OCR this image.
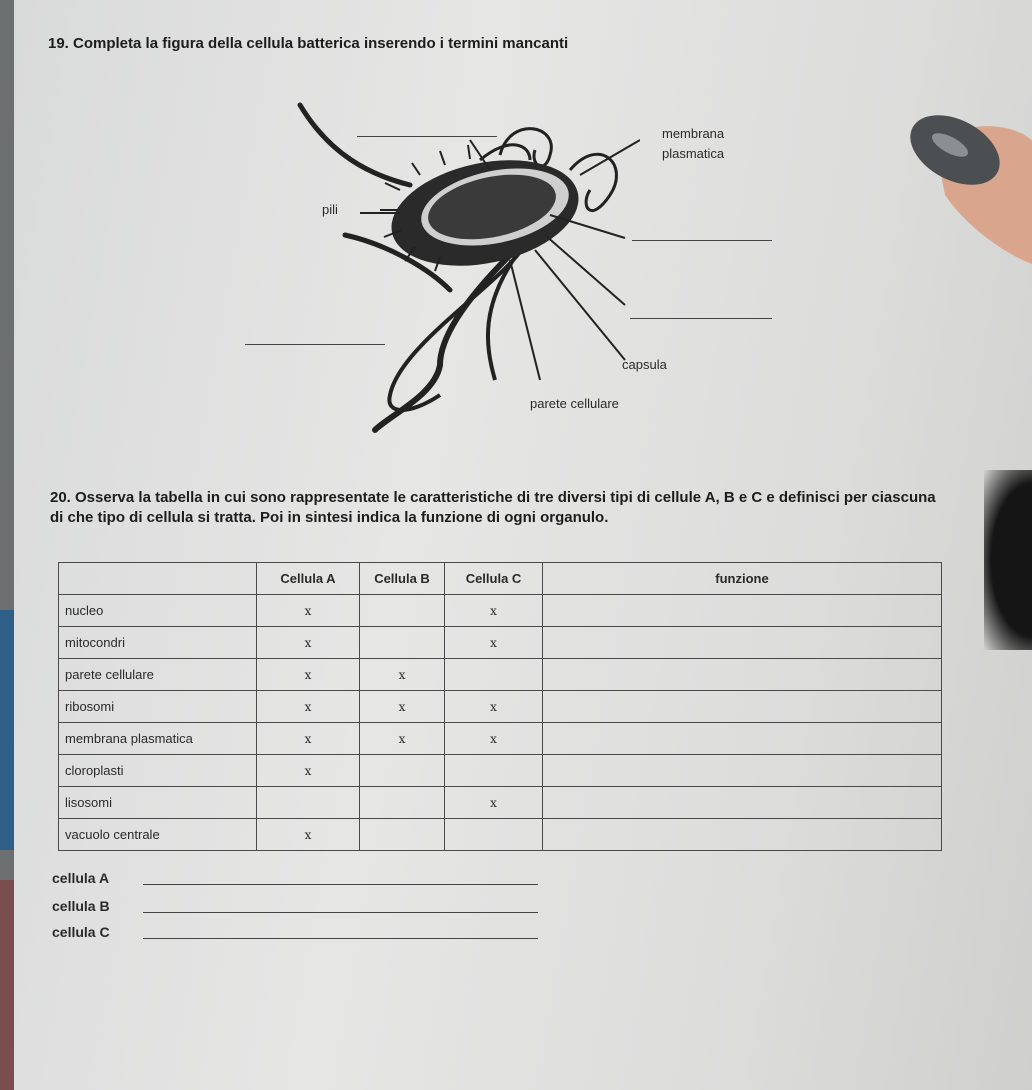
19. Completa la figura della cellula batterica inserendo i termini mancanti
membrana
plasmatica
pili
capsula
parete cellulare
20. Osserva la tabella in cui sono rappresentate le caratteristiche di tre diversi tipi di cellule A, B e C e definisci per ciascuna di che tipo di cellula si tratta. Poi in sintesi indica la funzione di ogni organulo.
	Cellula A	Cellula B	Cellula C	funzione
nucleo	x		x	
mitocondri	x		x	
parete cellulare	x	x		
ribosomi	x	x	x	
membrana plasmatica	x	x	x	
cloroplasti	x			
lisosomi			x	
vacuolo centrale	x			
cellula A
cellula B
cellula C
